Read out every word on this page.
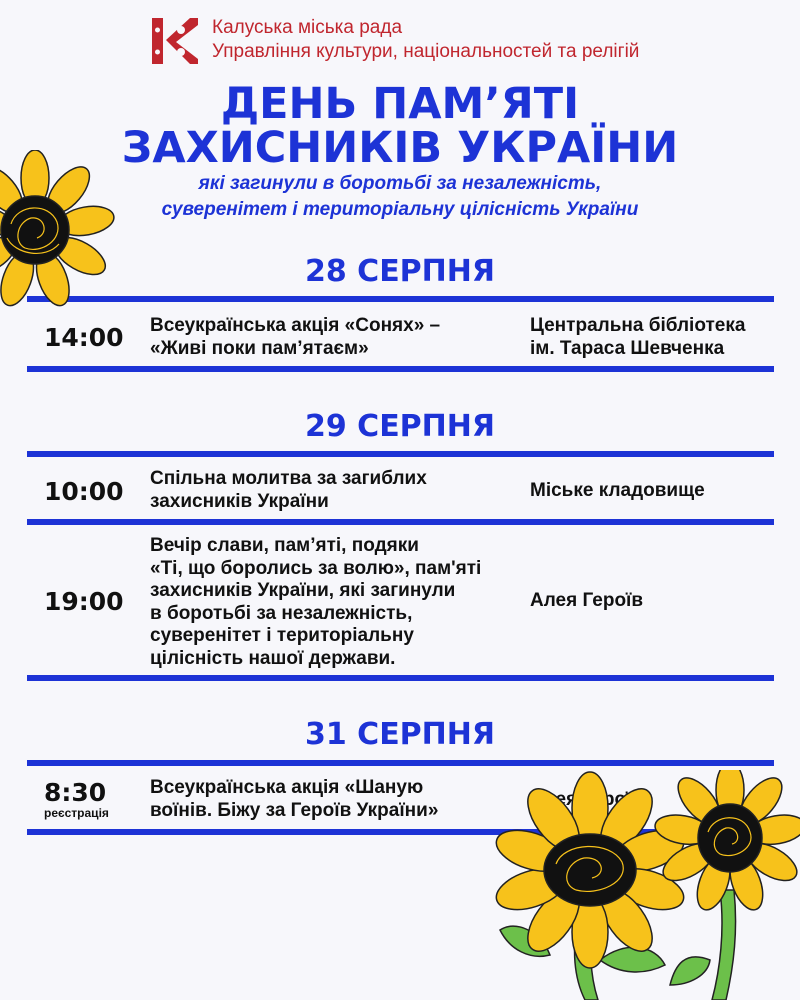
Калуська міська рада
Управління культури, національностей та релігій
ДЕНЬ ПАМ’ЯТІ
ЗАХИСНИКІВ УКРАЇНИ
які загинули в боротьбі за незалежність,
суверенітет і територіальну цілісність України
28 СЕРПНЯ
14:00 Всеукраїнська акція «Сонях» –
«Живі поки пам’ятаєм»
Центральна бібліотека
ім. Тараса Шевченка
29 СЕРПНЯ
10:00 Спільна молитва за загиблих
захисників України
Міське кладовище
19:00
Вечір слави, пам’яті, подяки
«Ті, що боролись за волю», пам'яті
захисників України, які загинули
в боротьбі за незалежність,
суверенітет і територіальну
цілісність нашої держави.
Алея Героїв
31 СЕРПНЯ
8:30
реєстрація
Всеукраїнська акція «Шаную
воїнів. Біжу за Героїв України»
Героїв
